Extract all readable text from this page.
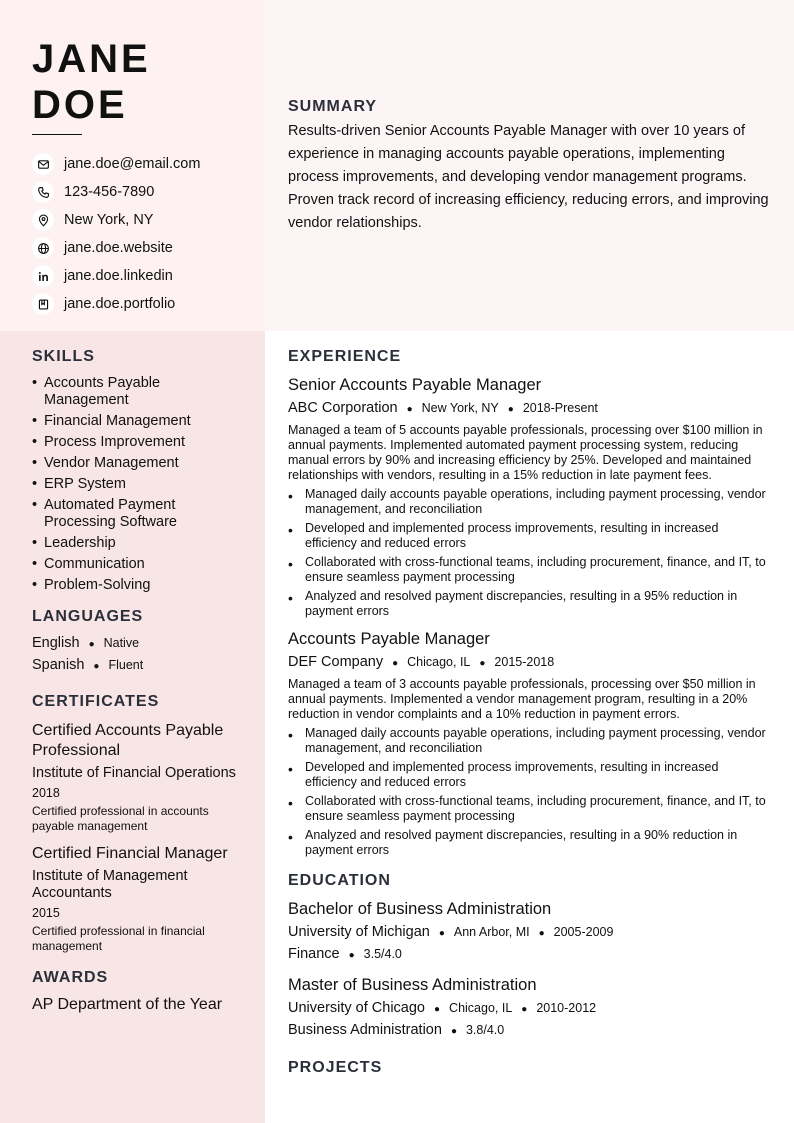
JANE
DOE
jane.doe@email.com
123-456-7890
New York, NY
jane.doe.website
jane.doe.linkedin
jane.doe.portfolio
SUMMARY

Results-driven Senior Accounts Payable Manager with over 10 years of experience in managing accounts payable operations, implementing process improvements, and developing vendor management programs. Proven track record of increasing efficiency, reducing errors, and improving vendor relationships.

SKILLS
• Accounts Payable Management
• Financial Management
• Process Improvement
• Vendor Management
• ERP System
• Automated Payment Processing Software
• Leadership
• Communication
• Problem-Solving
LANGUAGES
English ● Native
Spanish ● Fluent
CERTIFICATES
Certified Accounts Payable Professional
Institute of Financial Operations
2018
Certified professional in accounts payable management
Certified Financial Manager
Institute of Management Accountants
2015
Certified professional in financial management
AWARDS
AP Department of the Year
EXPERIENCE
Senior Accounts Payable Manager
ABC Corporation ● New York, NY ● 2018-Present
Managed a team of 5 accounts payable professionals, processing over $100 million in annual payments. Implemented automated payment processing system, reducing manual errors by 90% and increasing efficiency by 25%. Developed and maintained relationships with vendors, resulting in a 15% reduction in late payment fees.
• Managed daily accounts payable operations, including payment processing, vendor management, and reconciliation
• Developed and implemented process improvements, resulting in increased efficiency and reduced errors
• Collaborated with cross-functional teams, including procurement, finance, and IT, to ensure seamless payment processing
• Analyzed and resolved payment discrepancies, resulting in a 95% reduction in payment errors
Accounts Payable Manager
DEF Company ● Chicago, IL ● 2015-2018
Managed a team of 3 accounts payable professionals, processing over $50 million in annual payments. Implemented a vendor management program, resulting in a 20% reduction in vendor complaints and a 10% reduction in payment errors.
• Managed daily accounts payable operations, including payment processing, vendor management, and reconciliation
• Developed and implemented process improvements, resulting in increased efficiency and reduced errors
• Collaborated with cross-functional teams, including procurement, finance, and IT, to ensure seamless payment processing
• Analyzed and resolved payment discrepancies, resulting in a 90% reduction in payment errors
EDUCATION
Bachelor of Business Administration
University of Michigan ● Ann Arbor, MI ● 2005-2009
Finance ● 3.5/4.0
Master of Business Administration
University of Chicago ● Chicago, IL ● 2010-2012
Business Administration ● 3.8/4.0
PROJECTS
